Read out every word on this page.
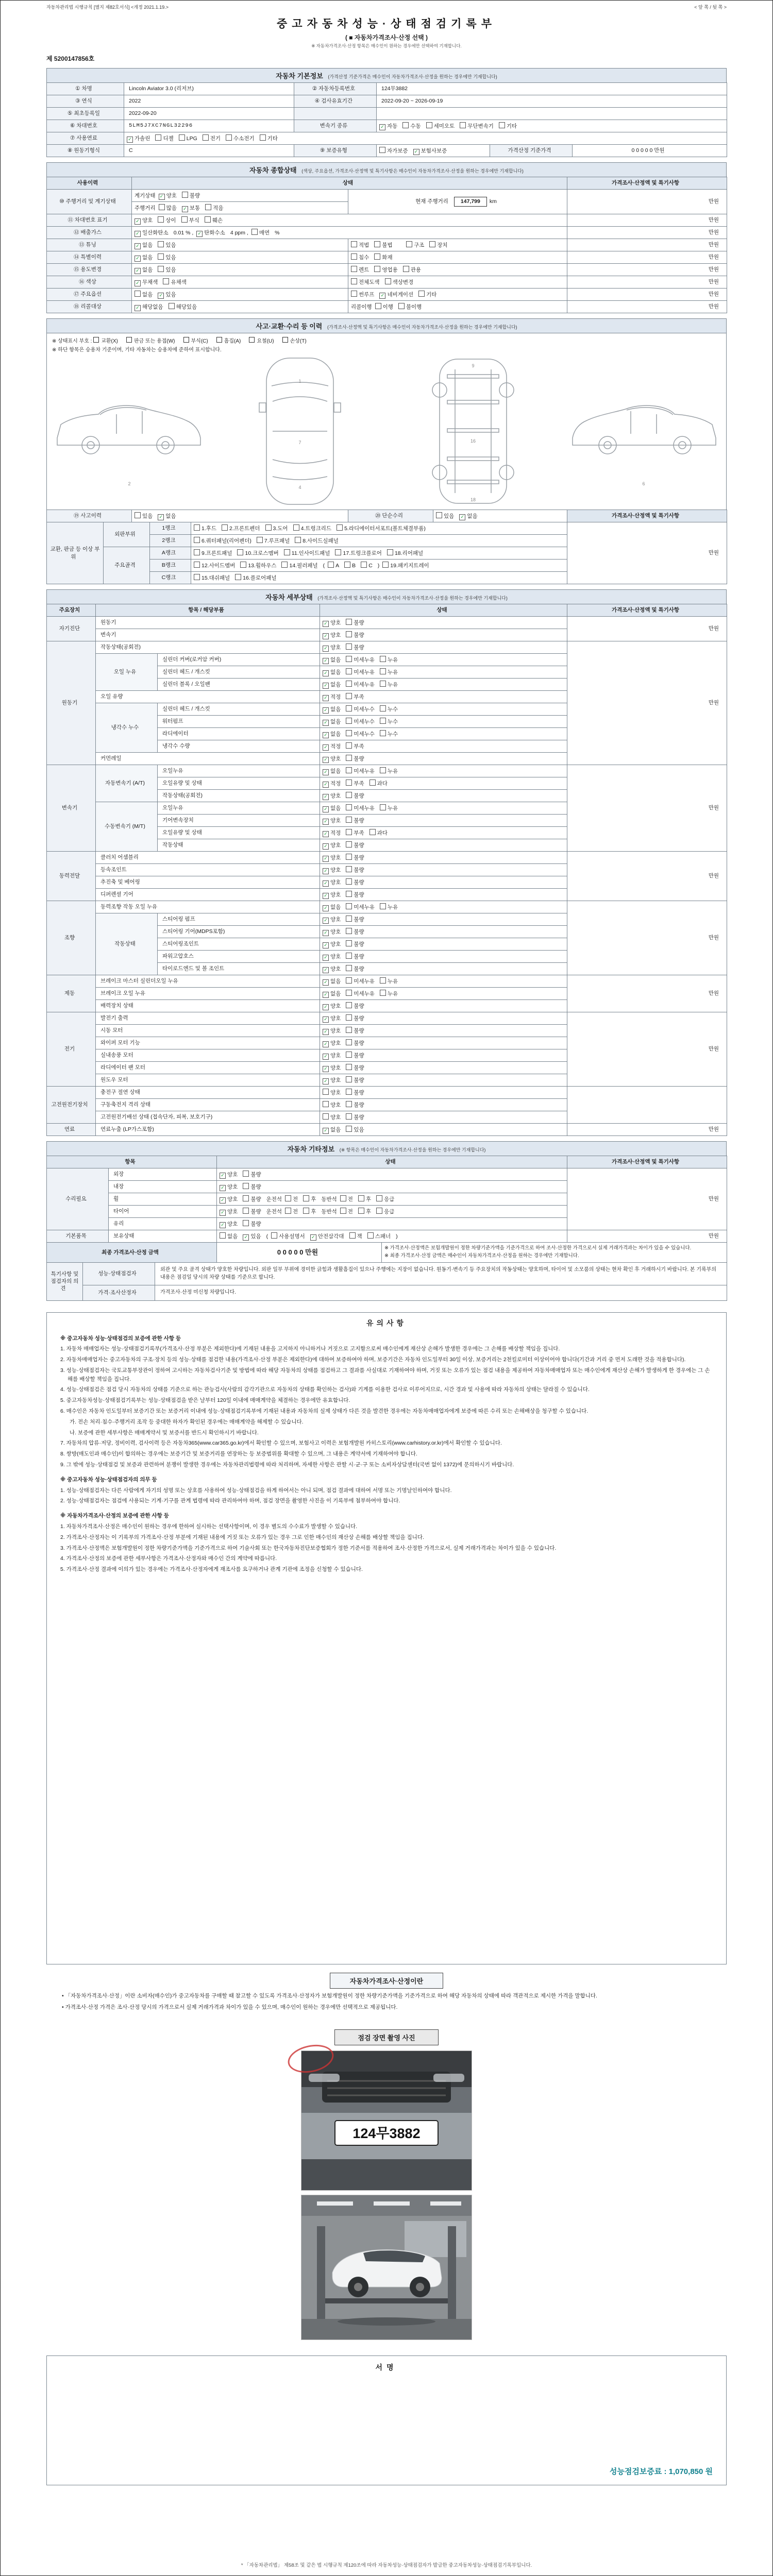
자동차관리법 시행규칙 [별지 제82호서식] <개정 2021.1.19.>	< 앞 쪽 / 뒷 쪽 >
중고자동차성능·상태점검기록부
( ■ 자동차가격조사·산정 선택 )
※ 자동차가격조사·산정 항목은 매수인이 원하는 경우에만 선택하여 기재합니다.
제 5200147856호
자동차 기본정보 (가격산정 기준가격은 매수인이 자동차가격조사·산정을 원하는 경우에만 기재합니다)
① 차명	Lincoln Aviator 3.0 (리저브)	② 자동차등록번호	124무3882		
③ 연식	2022	④ 검사유효기간	2022-09-20 ~ 2026-09-19		
⑤ 최초등록일	2022-09-20				
⑥ 차대번호	5LM5J7XC7NGL32296	변속기 종류	✓ 자동 수동 세미오토 무단변속기 기타		
⑦ 사용연료	✓ 가솔린 디젤 LPG 전기 수소전기 기타				
⑧ 원동기형식	C	⑨ 보증유형	자가보증 ✓ 보험사보증	가격산정 기준가격	0 0 0 0 0 만원
자동차 종합상태 (색상, 주요옵션, 가격조사·산정액 및 특기사항은 매수인이 자동차가격조사·산정을 원하는 경우에만 기재합니다)
사용이력	상태		가격조사·산정액 및 특기사항
⑩ 주행거리 및 계기상태	계기상태 ✓ 양호 불량	현재 주행거리 147,799 km	만원
	주행거리 많음 ✓ 보통 적음		
⑪ 차대번호 표기	✓ 양호 상이 부식 훼손		만원
⑫ 배출가스	✓ 일산화탄소 0.01 % , ✓ 탄화수소 4 ppm , 매연 %		만원
⑬ 튜닝	✓ 없음 있음	적법 불법　 구조 장치	만원
⑭ 특별이력	✓ 없음 있음	침수 화재	만원
⑮ 용도변경	✓ 없음 있음	렌트 영업용 관용	만원
⑯ 색상	✓ 무채색 유채색	전체도색 색상변경	만원
⑰ 주요옵션	없음 ✓ 있음	썬루프 ✓ 네비게이션 기타	만원
⑱ 리콜대상	✓ 해당없음 해당있음	리콜이행 이행 불이행	만원
사고·교환·수리 등 이력 (가격조사·산정액 및 특기사항은 매수인이 자동차가격조사·산정을 원하는 경우에만 기재합니다)
※ 상태표시 부호 : 교환(X)	판금 또는 용접(W)	부식(C)	흠집(A)	요철(U)	손상(T)
※ 하단 항목은 승용차 기준이며, 기타 자동차는 승용차에 준하여 표시합니다.
2
1
7
4
9
16
18
6
⑲ 사고이력	있음 ✓ 없음	⑳ 단순수리	있음 ✓ 없음	가격조사·산정액 및 특기사항
교환, 판금 등 이상 부위	외판부위	1랭크	1.후드 2.프론트펜더 3.도어 4.트렁크리드 5.라디에이터서포트(볼트체결부품)	만원
		2랭크	6.쿼터패널(리어펜더) 7.루프패널 8.사이드실패널	
	주요골격	A랭크	9.프론트패널 10.크로스멤버 11.인사이드패널 17.트렁크플로어 18.리어패널	
		B랭크	12.사이드멤버 13.휠하우스 14.필러패널 ( A B C ) 19.패키지트레이	
		C랭크	15.대쉬패널 16.플로어패널	
자동차 세부상태 (가격조사·산정액 및 특기사항은 매수인이 자동차가격조사·산정을 원하는 경우에만 기재합니다)
주요장치	항목 / 해당부품		상태	가격조사·산정액 및 특기사항
자기진단	원동기		✓ 양호 불량	만원
	변속기		✓ 양호 불량	
원동기	작동상태(공회전)		✓ 양호 불량	만원
	오일 누유	실린더 커버(로커암 커버)	✓ 없음 미세누유 누유	
		실린더 헤드 / 개스킷	✓ 없음 미세누유 누유	
		실린더 블록 / 오일팬	✓ 없음 미세누유 누유	
	오일 유량		✓ 적정 부족	
	냉각수 누수	실린더 헤드 / 개스킷	✓ 없음 미세누수 누수	
		워터펌프	✓ 없음 미세누수 누수	
		라디에이터	✓ 없음 미세누수 누수	
		냉각수 수량	✓ 적정 부족	
	커먼레일		✓ 양호 불량	
변속기	자동변속기 (A/T)	오일누유	✓ 없음 미세누유 누유	만원
		오일유량 및 상태	✓ 적정 부족 과다	
		작동상태(공회전)	✓ 양호 불량	
	수동변속기 (M/T)	오일누유	✓ 없음 미세누유 누유	
		기어변속장치	✓ 양호 불량	
		오일유량 및 상태	✓ 적정 부족 과다	
		작동상태	✓ 양호 불량	
동력전달	클러치 어셈블리		✓ 양호 불량	만원
	등속조인트		✓ 양호 불량	
	추진축 및 베어링		✓ 양호 불량	
	디퍼렌셜 기어		✓ 양호 불량	
조향	동력조향 작동 오일 누유		✓ 없음 미세누유 누유	만원
	작동상태	스티어링 펌프	✓ 양호 불량	
		스티어링 기어(MDPS포함)	✓ 양호 불량	
		스티어링조인트	✓ 양호 불량	
		파워고압호스	✓ 양호 불량	
		타이로드엔드 및 볼 조인트	✓ 양호 불량	
제동	브레이크 마스터 실린더오일 누유		✓ 없음 미세누유 누유	만원
	브레이크 오일 누유		✓ 없음 미세누유 누유	
	배력장치 상태		✓ 양호 불량	
전기	발전기 출력		✓ 양호 불량	만원
	시동 모터		✓ 양호 불량	
	와이퍼 모터 기능		✓ 양호 불량	
	실내송풍 모터		✓ 양호 불량	
	라디에이터 팬 모터		✓ 양호 불량	
	원도우 모터		✓ 양호 불량	
고전원전기장치	충전구 절연 상태		양호 불량	
	구동축전지 격리 상태		양호 불량	
	고전원전기배선 상태 (접속단자, 피복, 보호기구)		양호 불량	
연료	연료누출 (LP가스포함)		✓ 없음 있음	만원
자동차 기타정보 (※ 항목은 매수인이 자동차가격조사·산정을 원하는 경우에만 기재합니다)
항목		상태	가격조사·산정액 및 특기사항
수리필요	외장	✓ 양호 불량	만원
	내장	✓ 양호 불량	
	휠	✓ 양호 불량 운전석 전 후 동반석 전 후 응급	
	타이어	✓ 양호 불량 운전석 전 후 동반석 전 후 응급	
	유리	✓ 양호 불량	
기본품목	보유상태	없음 ✓ 있음 ( 사용설명서 ✓ 안전삼각대 잭 스패너 )	만원
최종 가격조사·산정 금액	0 0 0 0 0 만원	
※ 가격조사·산정액은 보험개발원이 정한 차량기준가액을 기준가격으로 하여 조사·산정한 가격으로서 실제 거래가격과는 차이가 있을 수 있습니다.
※ 최종 가격조사·산정 금액은 매수인이 자동차가격조사·산정을 원하는 경우에만 기재합니다.
특기사항 및 점검자의 의견	성능·상태점검자	외관 및 주요 골격 상태가 양호한 차량입니다. 외판 일부 부위에 경미한 긁힘과 생활흠집이 있으나 주행에는 지장이 없습니다. 원동기·변속기 등 주요장치의 작동상태는 양호하며, 타이어 및 소모품의 상태는 현차 확인 후 거래하시기 바랍니다. 본 기록부의 내용은 점검일 당시의 차량 상태를 기준으로 합니다.
	가격·조사산정자	가격조사·산정 미신청 차량입니다.
유의사항

※ 중고자동차 성능·상태점검의 보증에 관한 사항 등

1. 자동차 매매업자는 성능·상태점검기록부(가격조사·산정 부분은 제외한다)에 기재된 내용을 고지하지 아니하거나 거짓으로 고지함으로써 매수인에게 재산상 손해가 발생한 경우에는 그 손해를 배상할 책임을 집니다.

2. 자동차매매업자는 중고자동차의 구조·장치 등의 성능·상태를 점검한 내용(가격조사·산정 부분은 제외한다)에 대하여 보증하여야 하며, 보증기간은 자동차 인도일부터 30일 이상, 보증거리는 2천킬로미터 이상이어야 합니다(기간과 거리 중 먼저 도래한 것을 적용합니다).

3. 성능·상태점검자는 국토교통부장관이 정하여 고시하는 자동차검사기준 및 방법에 따라 해당 자동차의 상태를 점검하고 그 결과를 사실대로 기재하여야 하며, 거짓 또는 오류가 있는 점검 내용을 제공하여 자동차매매업자 또는 매수인에게 재산상 손해가 발생하게 한 경우에는 그 손해를 배상할 책임을 집니다.

4. 성능·상태점검은 점검 당시 자동차의 상태를 기준으로 하는 관능검사(사람의 감각기관으로 자동차의 상태를 확인하는 검사)와 기계를 이용한 검사로 이루어지므로, 시간 경과 및 사용에 따라 자동차의 상태는 달라질 수 있습니다.

5. 중고자동차성능·상태점검기록부는 성능·상태점검을 받은 날부터 120일 이내에 매매계약을 체결하는 경우에만 유효합니다.

6. 매수인은 자동차 인도일부터 보증기간 또는 보증거리 이내에 성능·상태점검기록부에 기재된 내용과 자동차의 실제 상태가 다른 것을 발견한 경우에는 자동차매매업자에게 보증에 따른 수리 또는 손해배상을 청구할 수 있습니다.

가. 전손 처리·침수·주행거리 조작 등 중대한 하자가 확인된 경우에는 매매계약을 해제할 수 있습니다.

나. 보증에 관한 세부사항은 매매계약서 및 보증서를 반드시 확인하시기 바랍니다.

7. 자동차의 압류·저당, 정비이력, 검사이력 등은 자동차365(www.car365.go.kr)에서 확인할 수 있으며, 보험사고 이력은 보험개발원 카히스토리(www.carhistory.or.kr)에서 확인할 수 있습니다.

8. 쌍방(매도인과 매수인)이 합의하는 경우에는 보증기간 및 보증거리를 연장하는 등 보증범위를 확대할 수 있으며, 그 내용은 계약서에 기재하여야 합니다.

9. 그 밖에 성능·상태점검 및 보증과 관련하여 분쟁이 발생한 경우에는 자동차관리법령에 따라 처리하며, 자세한 사항은 관할 시·군·구 또는 소비자상담센터(국번 없이 1372)에 문의하시기 바랍니다.

※ 중고자동차 성능·상태점검자의 의무 등

1. 성능·상태점검자는 다른 사람에게 자기의 성명 또는 상호를 사용하여 성능·상태점검을 하게 하여서는 아니 되며, 점검 결과에 대하여 서명 또는 기명날인하여야 합니다.

2. 성능·상태점검자는 점검에 사용되는 기계·기구를 관계 법령에 따라 관리하여야 하며, 점검 장면을 촬영한 사진을 이 기록부에 첨부하여야 합니다.

※ 자동차가격조사·산정의 보증에 관한 사항 등

1. 자동차가격조사·산정은 매수인이 원하는 경우에 한하여 실시하는 선택사항이며, 이 경우 별도의 수수료가 발생할 수 있습니다.

2. 가격조사·산정자는 이 기록부의 가격조사·산정 부분에 기재된 내용에 거짓 또는 오류가 있는 경우 그로 인한 매수인의 재산상 손해를 배상할 책임을 집니다.

3. 가격조사·산정액은 보험개발원이 정한 차량기준가액을 기준가격으로 하여 기술사회 또는 한국자동차진단보증협회가 정한 기준서를 적용하여 조사·산정한 가격으로서, 실제 거래가격과는 차이가 있을 수 있습니다.

4. 가격조사·산정의 보증에 관한 세부사항은 가격조사·산정자와 매수인 간의 계약에 따릅니다.

5. 가격조사·산정 결과에 이의가 있는 경우에는 가격조사·산정자에게 재조사를 요구하거나 관계 기관에 조정을 신청할 수 있습니다.

자동차가격조사·산정이란

• 「자동차가격조사·산정」이란 소비자(매수인)가 중고자동차를 구매할 때 참고할 수 있도록 가격조사·산정자가 보험개발원이 정한 차량기준가액을 기준가격으로 하여 해당 자동차의 상태에 따라 객관적으로 제시한 가격을 말합니다.

• 가격조사·산정 가격은 조사·산정 당시의 가격으로서 실제 거래가격과 차이가 있을 수 있으며, 매수인이 원하는 경우에만 선택적으로 제공됩니다.

점검 장면 촬영 사진
124무3882
서명
성능점검보증료 : 1,070,850 원
* 「자동차관리법」 제58조 및 같은 법 시행규칙 제120조에 따라 자동차성능·상태점검자가 발급한 중고자동차성능·상태점검기록부입니다.
